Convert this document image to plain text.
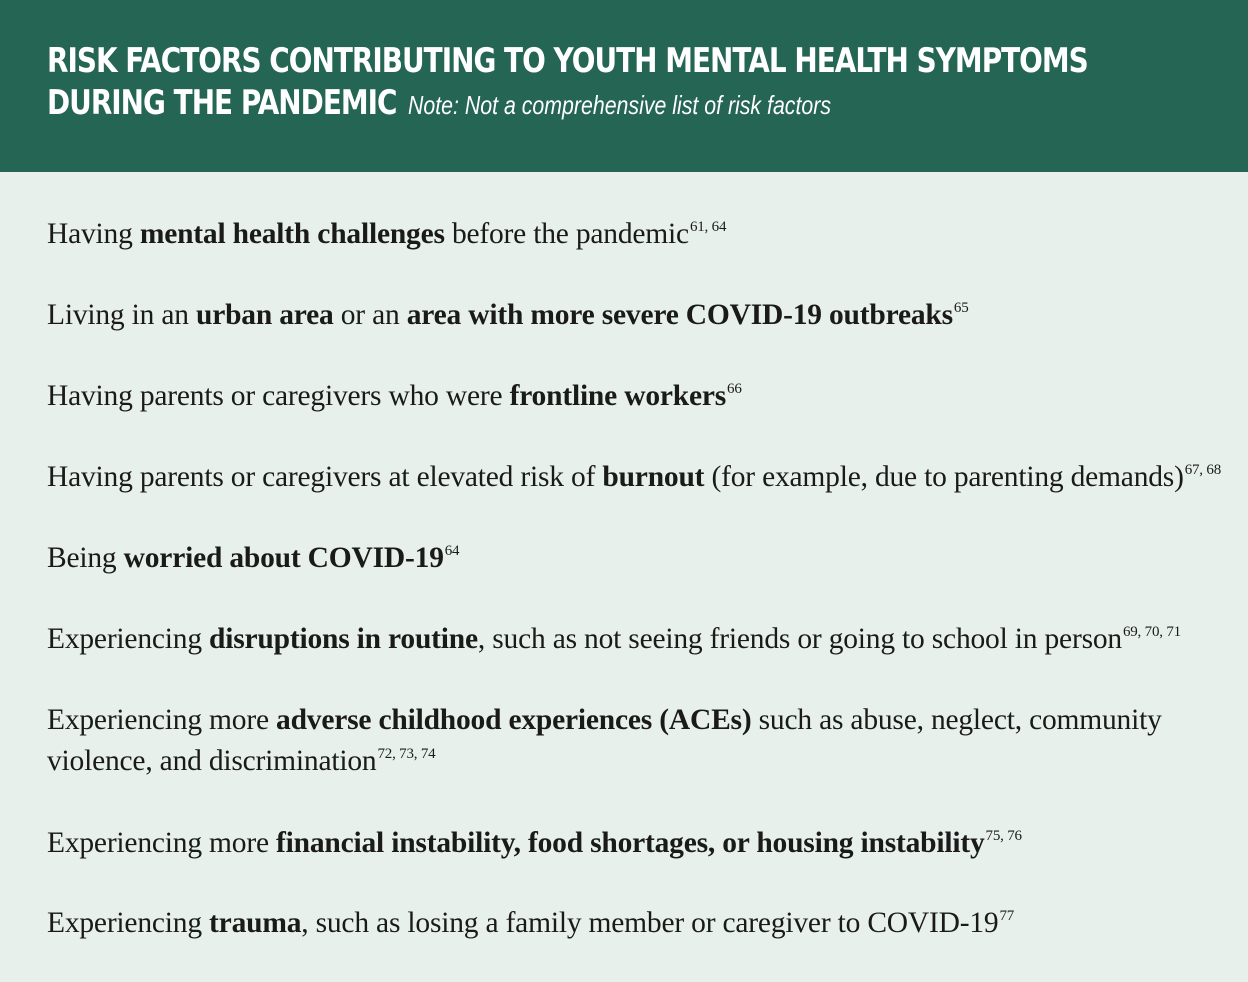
RISK FACTORS CONTRIBUTING TO YOUTH MENTAL HEALTH SYMPTOMS
DURING THE PANDEMIC Note: Not a comprehensive list of risk factors
Having mental health challenges before the pandemic$^{61, 64}$
Living in an urban area or an area with more severe COVID-19 outbreaks$^{65}$
Having parents or caregivers who were frontline workers$^{66}$
Having parents or caregivers at elevated risk of burnout (for example, due to parenting demands)$^{67, 68}$
Being worried about COVID-$19^{64}$
Experiencing disruptions in routine, such as not seeing friends or going to school in person$^{69, 70, 71}$
Experiencing more adverse childhood experiences (ACEs) such as abuse, neglect, community
violence, and discrimination$^{72, 73, 74}$
Experiencing more financial instability, food shortages, or housing instability$^{75, 76}$
Experiencing trauma, such as losing a family member or caregiver to COVID-$19^{77}$
